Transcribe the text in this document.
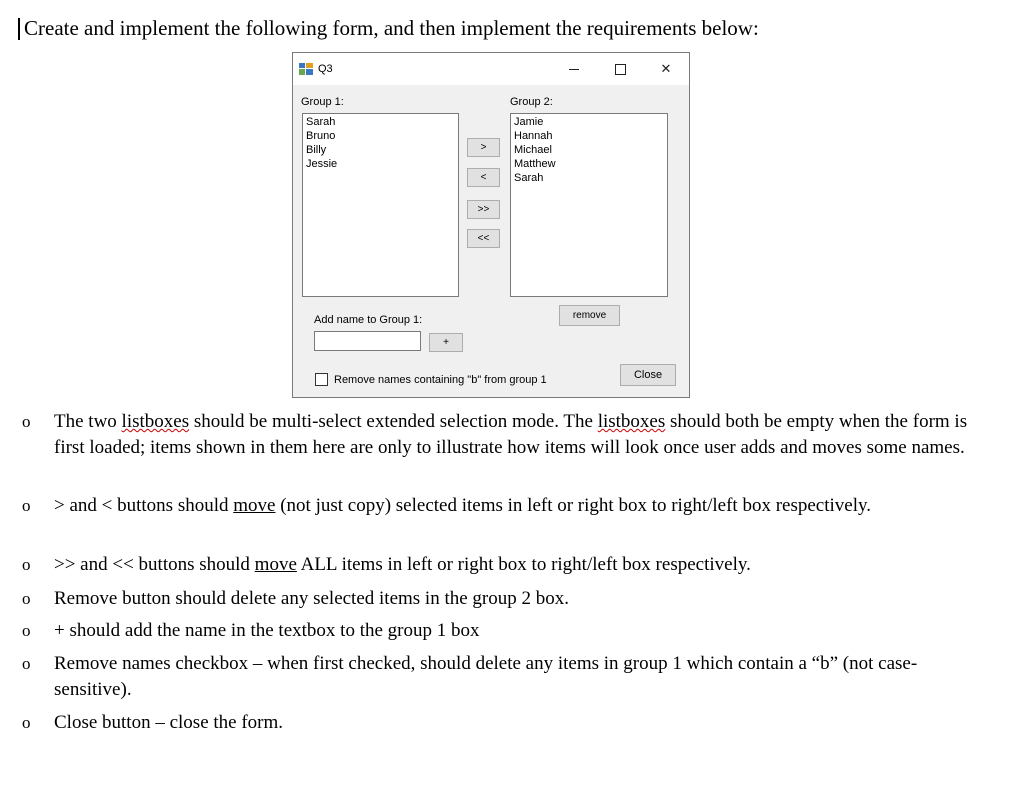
Create and implement the following form, and then implement the requirements below:
Q3	✕
Group 1:	Group 2:
Sarah
Bruno
Billy
Jessie
Jamie
Hannah
Michael
Matthew
Sarah
>
<
>>
<<
remove
Add name to Group 1:
+
Remove names containing "b" from group 1	Close
o The two listboxes should be multi-select extended selection mode. The listboxes should both be empty when the form is first loaded; items shown in them here are only to illustrate how items will look once user adds and moves some names.
o > and < buttons should move (not just copy) selected items in left or right box to right/left box respectively.
o >> and << buttons should move ALL items in left or right box to right/left box respectively.
o Remove button should delete any selected items in the group 2 box.
o + should add the name in the textbox to the group 1 box
o Remove names checkbox – when first checked, should delete any items in group 1 which contain a “b” (not case-sensitive).
o Close button – close the form.
